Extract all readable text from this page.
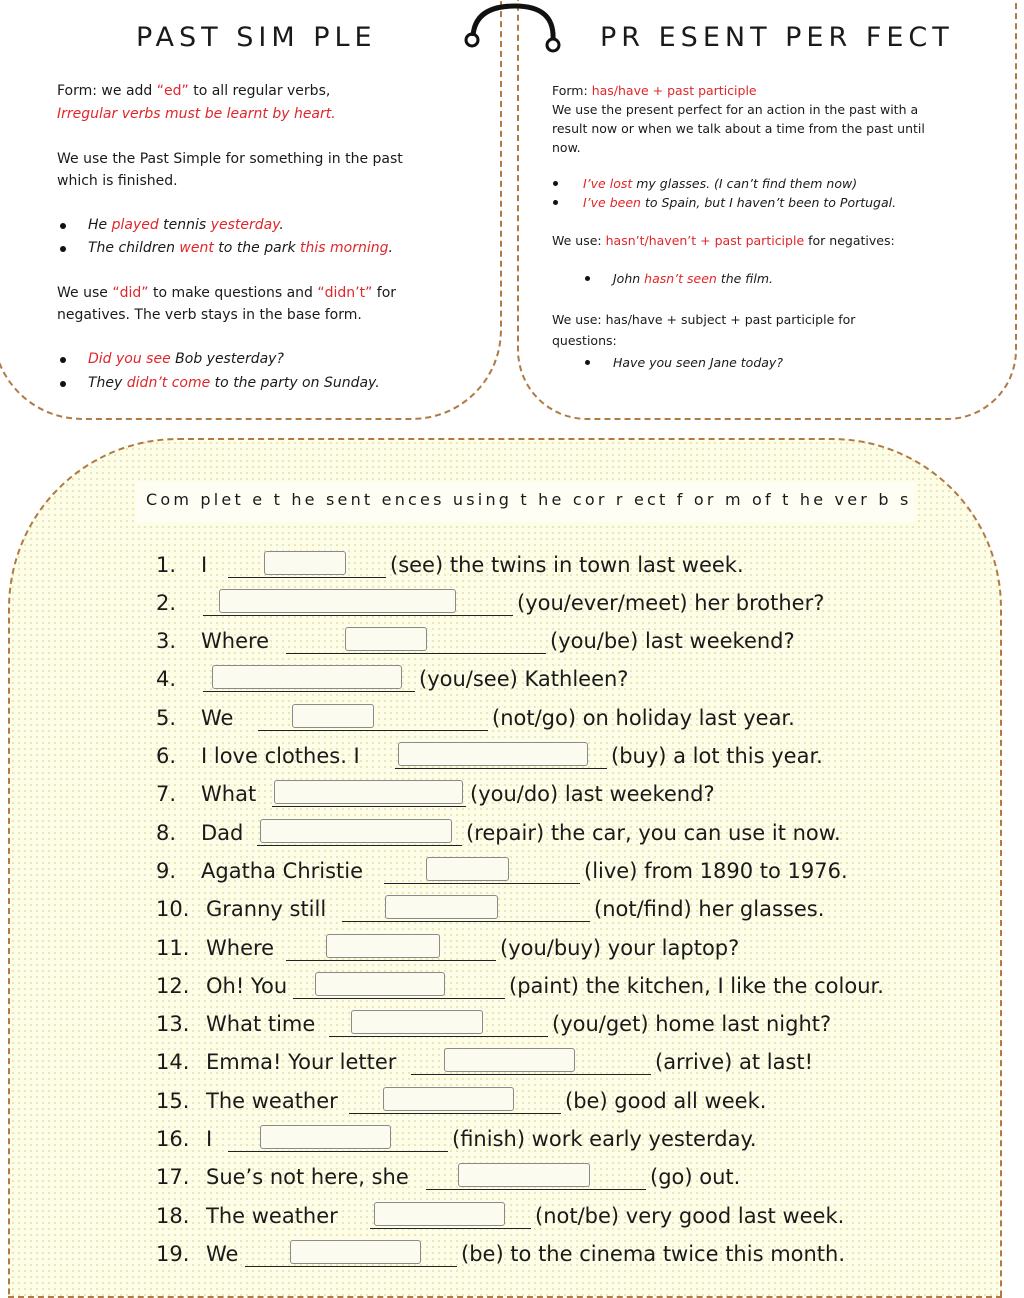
PAST SIM PLE	PR ESENT PER FECT
Form: we add “ed” to all regular verbs,
Irregular verbs must be learnt by heart.
We use the Past Simple for something in the past
which is finished.
He played tennis yesterday.
The children went to the park this morning.
We use “did” to make questions and “didn’t” for
negatives. The verb stays in the base form.
Did you see Bob yesterday?
They didn’t come to the party on Sunday.
Form: has/have + past participle
We use the present perfect for an action in the past with a
result now or when we talk about a time from the past until
now.
I’ve lost my glasses. (I can’t find them now)
I’ve been to Spain, but I haven’t been to Portugal.
We use: hasn’t/haven’t + past participle for negatives:
John hasn’t seen the film.
We use: has/have + subject + past participle for
questions:
Have you seen Jane today?
Com plet e t he sent ences using t he cor r ect f or m of t he ver b s
1. I	(see) the twins in town last week.
2.	(you/ever/meet) her brother?
3. Where	(you/be) last weekend?
4.	(you/see) Kathleen?
5. We	(not/go) on holiday last year.
6. I love clothes. I	(buy) a lot this year.
7. What	(you/do) last weekend?
8. Dad	(repair) the car, you can use it now.
9. Agatha Christie	(live) from 1890 to 1976.
10. Granny still	(not/find) her glasses.
11. Where	(you/buy) your laptop?
12. Oh! You	(paint) the kitchen, I like the colour.
13. What time	(you/get) home last night?
14. Emma! Your letter	(arrive) at last!
15. The weather	(be) good all week.
16. I	(finish) work early yesterday.
17. Sue’s not here, she	(go) out.
18. The weather	(not/be) very good last week.
19. We	(be) to the cinema twice this month.
